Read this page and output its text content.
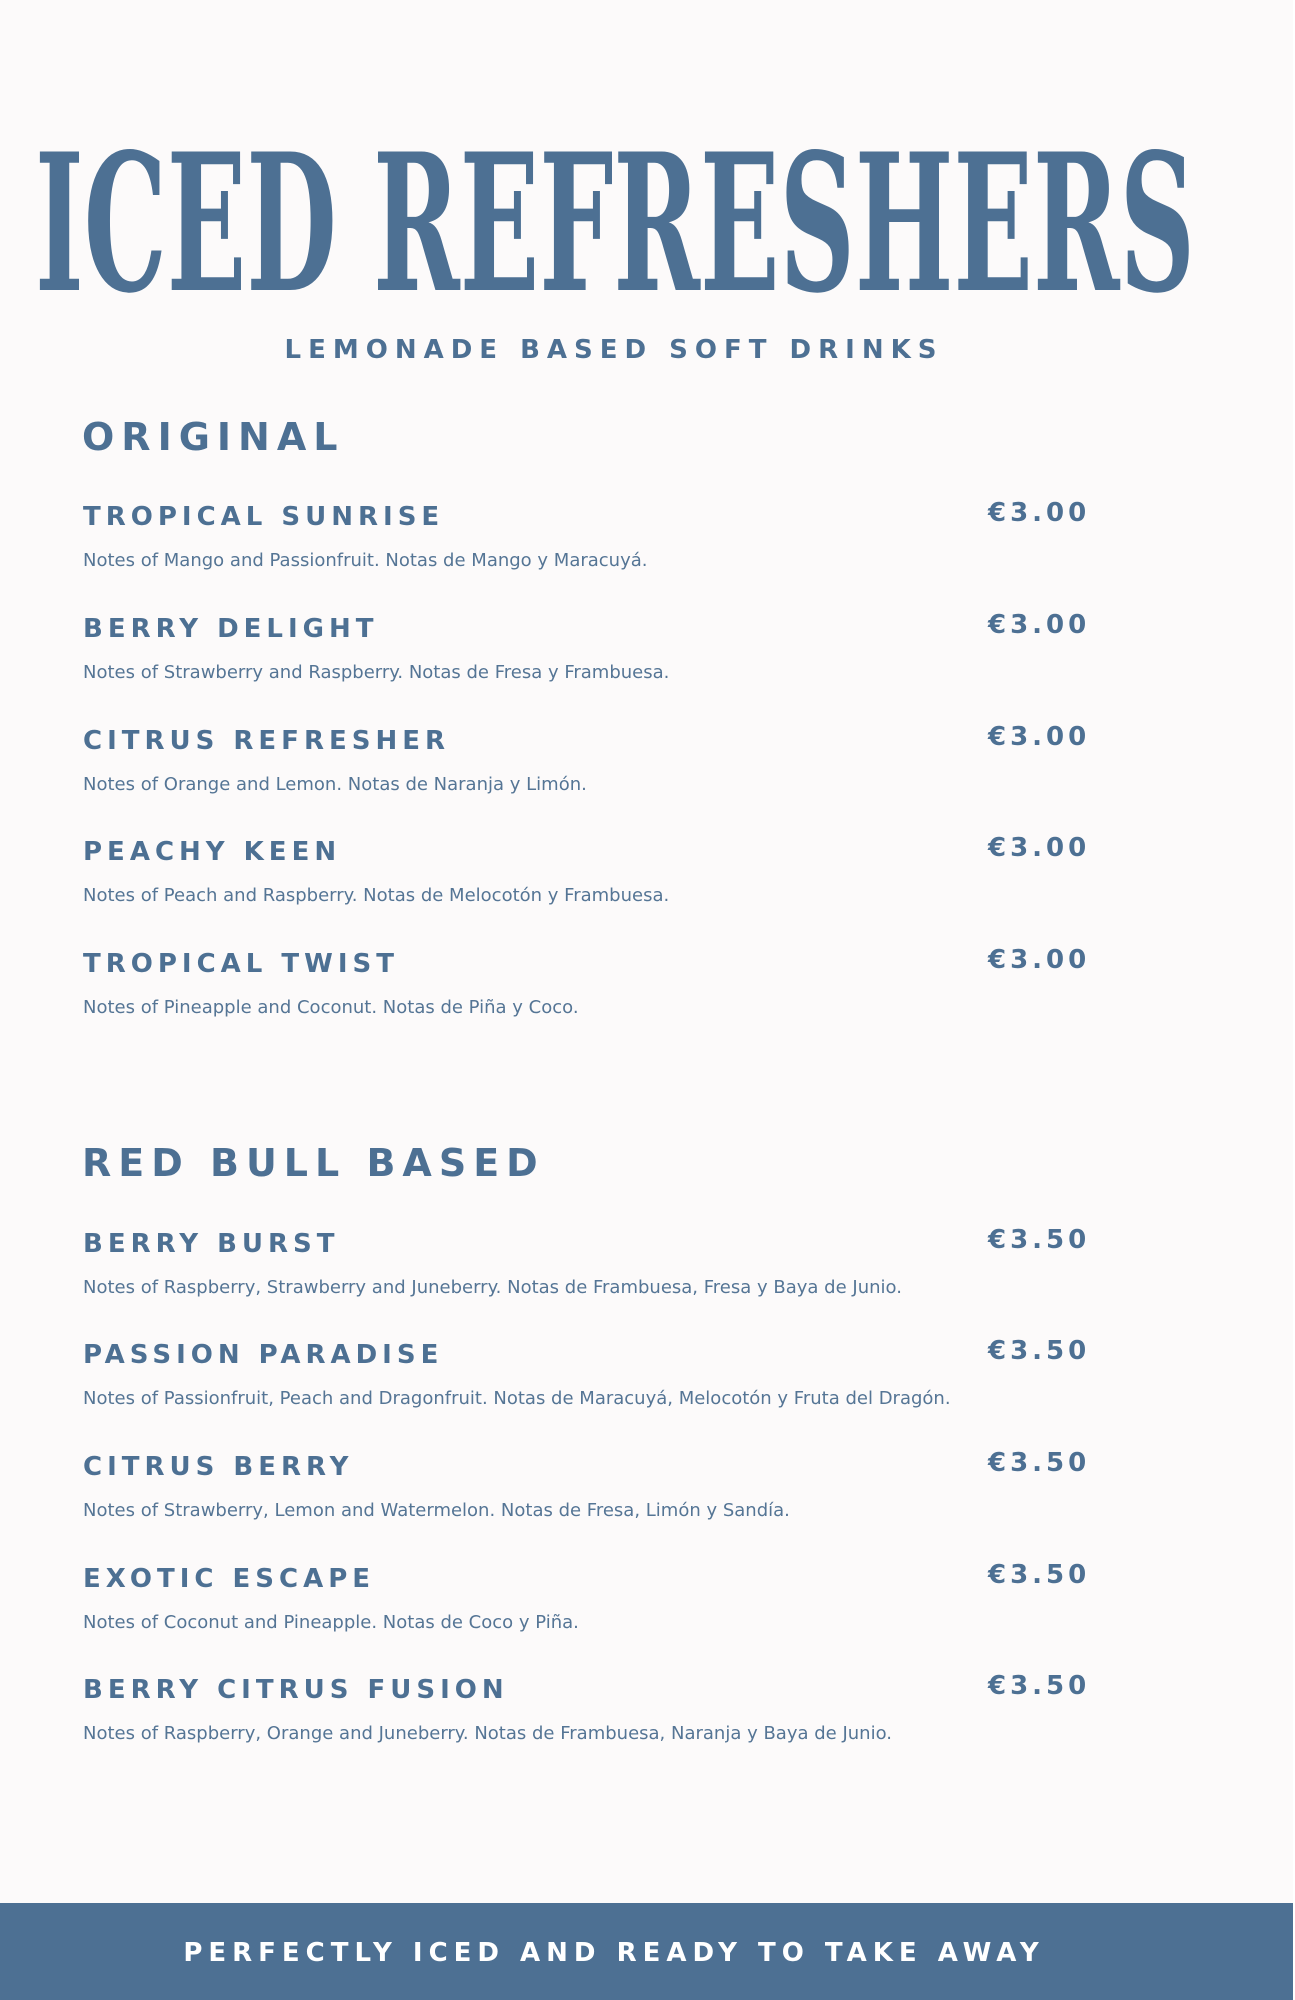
ICED REFRESHERS
LEMONADE BASED SOFT DRINKS
ORIGINAL
TROPICAL SUNRISE	€3.00
Notes of Mango and Passionfruit. Notas de Mango y Maracuyá.
BERRY DELIGHT	€3.00
Notes of Strawberry and Raspberry. Notas de Fresa y Frambuesa.
CITRUS REFRESHER	€3.00
Notes of Orange and Lemon. Notas de Naranja y Limón.
PEACHY KEEN	€3.00
Notes of Peach and Raspberry. Notas de Melocotón y Frambuesa.
TROPICAL TWIST	€3.00
Notes of Pineapple and Coconut. Notas de Piña y Coco.
RED BULL BASED
BERRY BURST	€3.50
Notes of Raspberry, Strawberry and Juneberry. Notas de Frambuesa, Fresa y Baya de Junio.
PASSION PARADISE	€3.50
Notes of Passionfruit, Peach and Dragonfruit. Notas de Maracuyá, Melocotón y Fruta del Dragón.
CITRUS BERRY	€3.50
Notes of Strawberry, Lemon and Watermelon. Notas de Fresa, Limón y Sandía.
EXOTIC ESCAPE	€3.50
Notes of Coconut and Pineapple. Notas de Coco y Piña.
BERRY CITRUS FUSION	€3.50
Notes of Raspberry, Orange and Juneberry. Notas de Frambuesa, Naranja y Baya de Junio.
PERFECTLY ICED AND READY TO TAKE AWAY
